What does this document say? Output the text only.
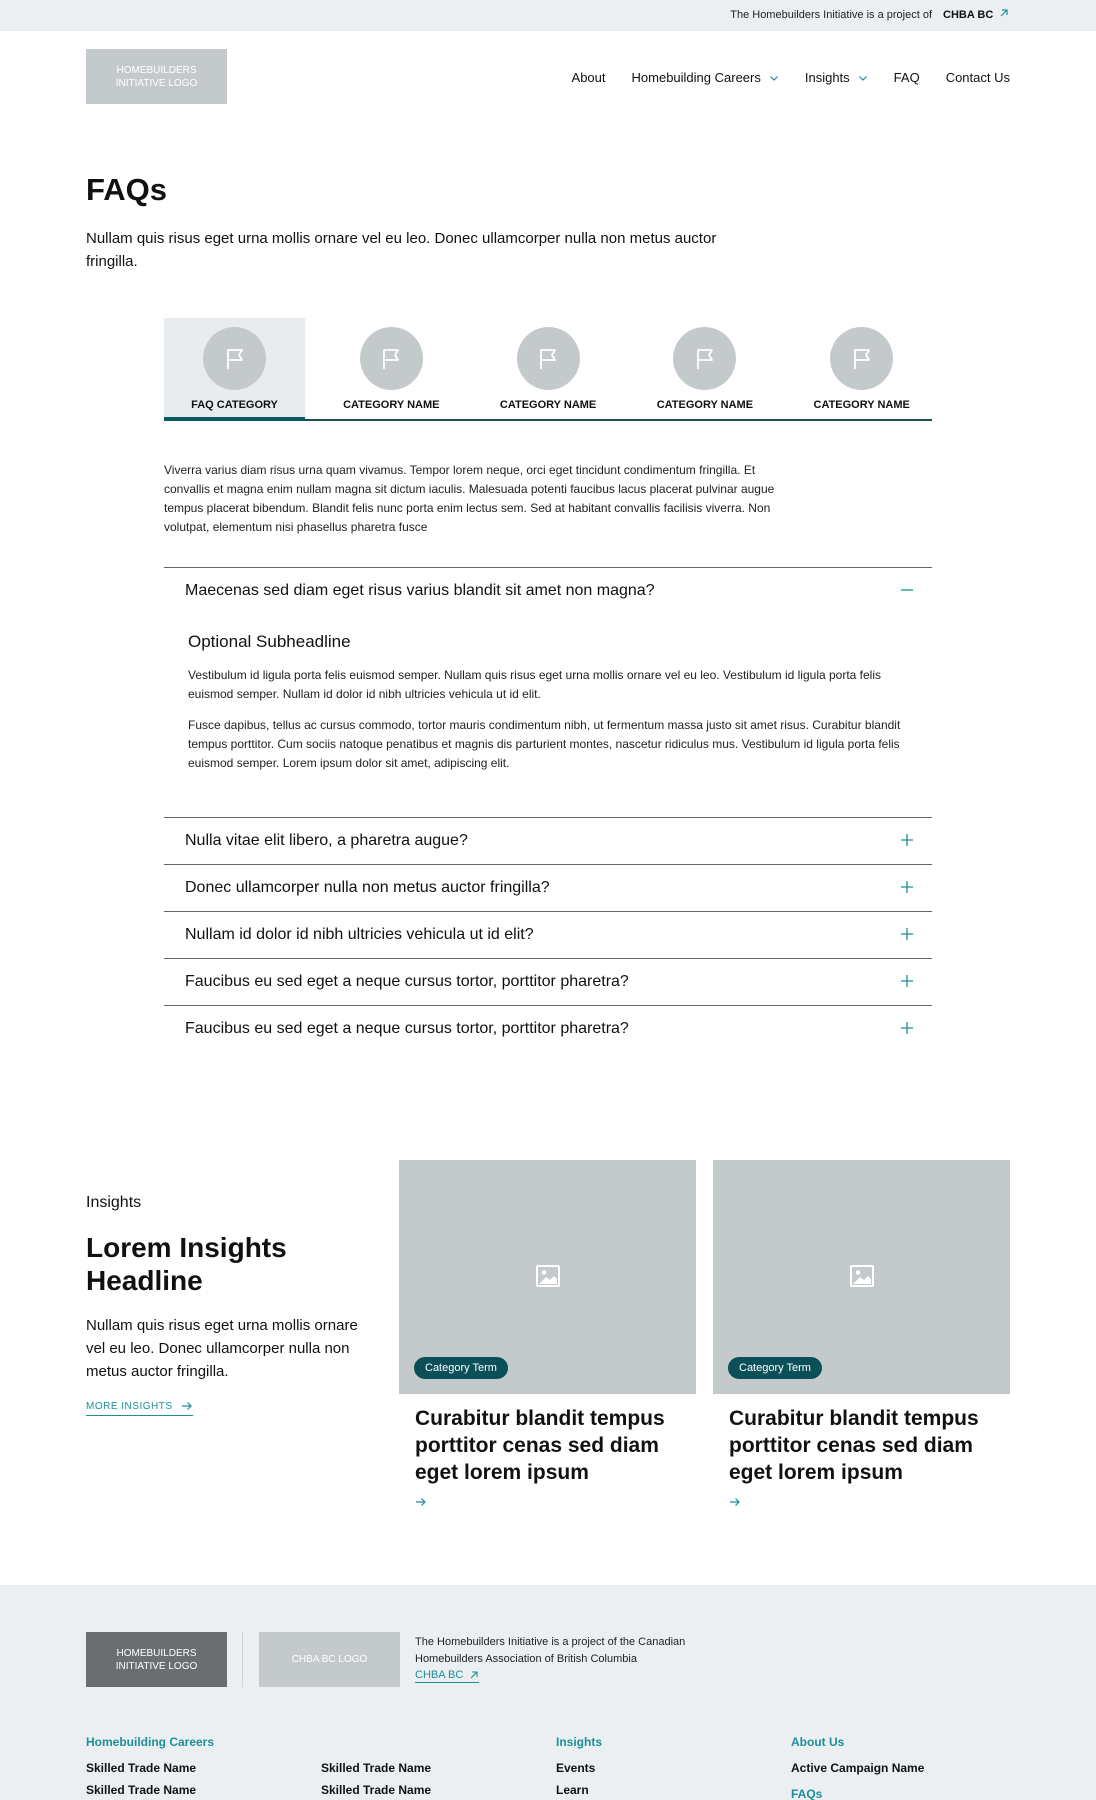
The Homebuilders Initiative is a project of CHBA BC
HOMEBUILDERS INITIATIVE LOGO	About Homebuilding Careers	Insights	FAQ Contact Us
FAQs

Nullam quis risus eget urna mollis ornare vel eu leo. Donec ullamcorper nulla non metus auctor fringilla.

FAQ CATEGORY	CATEGORY NAME	CATEGORY NAME	CATEGORY NAME	CATEGORY NAME

Viverra varius diam risus urna quam vivamus. Tempor lorem neque, orci eget tincidunt condimentum fringilla. Et convallis et magna enim nullam magna sit dictum iaculis. Malesuada potenti faucibus lacus placerat pulvinar augue tempus placerat bibendum. Blandit felis nunc porta enim lectus sem. Sed at habitant convallis facilisis viverra. Non volutpat, elementum nisi phasellus pharetra fusce

Maecenas sed diam eget risus varius blandit sit amet non magna?
Optional Subheadline

Vestibulum id ligula porta felis euismod semper. Nullam quis risus eget urna mollis ornare vel eu leo. Vestibulum id ligula porta felis euismod semper. Nullam id dolor id nibh ultricies vehicula ut id elit.

Fusce dapibus, tellus ac cursus commodo, tortor mauris condimentum nibh, ut fermentum massa justo sit amet risus. Curabitur blandit tempus porttitor. Cum sociis natoque penatibus et magnis dis parturient montes, nascetur ridiculus mus. Vestibulum id ligula porta felis euismod semper. Lorem ipsum dolor sit amet, adipiscing elit.

Nulla vitae elit libero, a pharetra augue?
Donec ullamcorper nulla non metus auctor fringilla?
Nullam id dolor id nibh ultricies vehicula ut id elit?
Faucibus eu sed eget a neque cursus tortor, porttitor pharetra?
Faucibus eu sed eget a neque cursus tortor, porttitor pharetra?
Insights
Lorem Insights Headline

Nullam quis risus eget urna mollis ornare vel eu leo. Donec ullamcorper nulla non metus auctor fringilla.

MORE INSIGHTS
Category Term
Curabitur blandit tempus porttitor cenas sed diam eget lorem ipsum
Category Term
Curabitur blandit tempus porttitor cenas sed diam eget lorem ipsum
HOMEBUILDERS INITIATIVE LOGO
CHBA BC LOGO
The Homebuilders Initiative is a project of the Canadian Homebuilders Association of British Columbia
CHBA BC
Homebuilding Careers
Skilled Trade Name
Skilled Trade Name
Skilled Trade Name
Skilled Trade Name
Insights
Events
Learn
About Us
Active Campaign Name
FAQs
